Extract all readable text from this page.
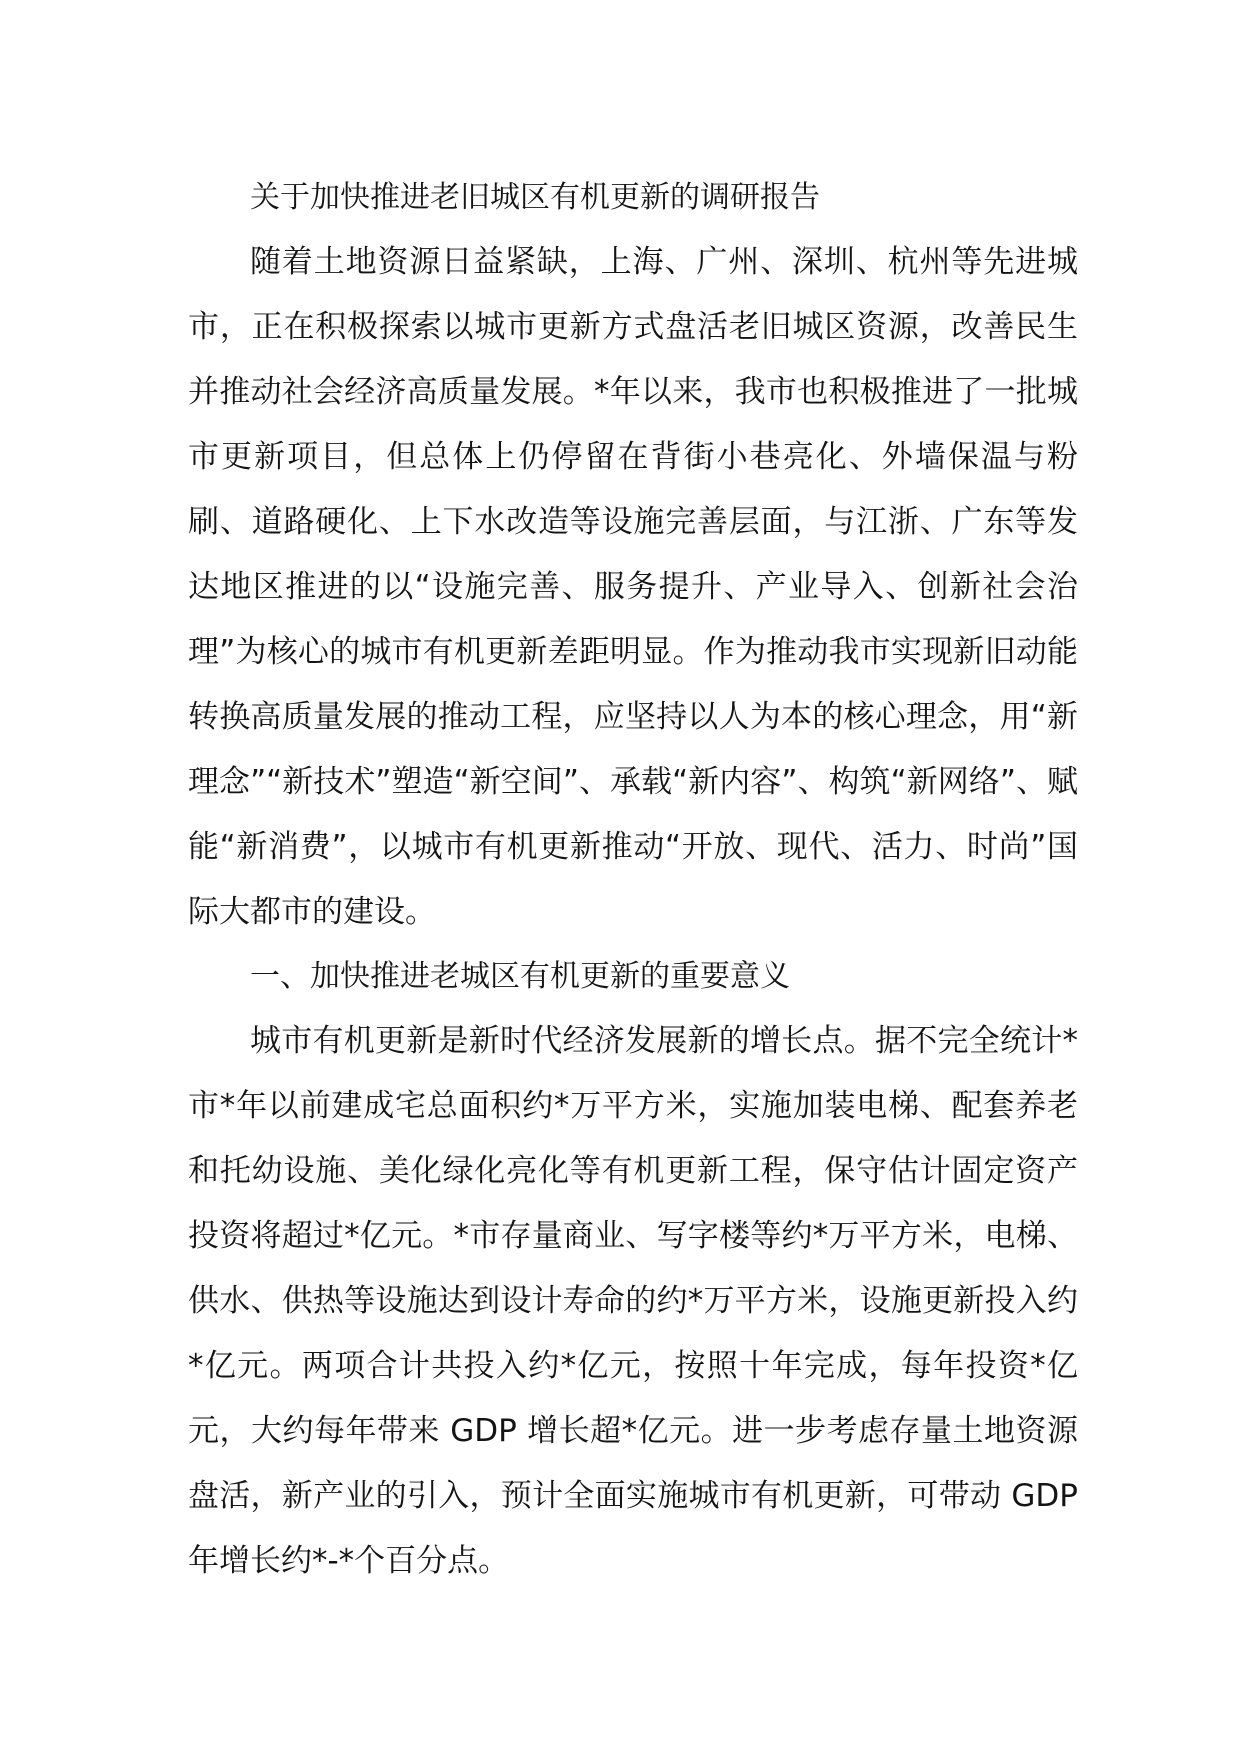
关于加快推进老旧城区有机更新的调研报告

随着土地资源日益紧缺，上海、广州、深圳、杭州等先进城市，正在积极探索以城市更新方式盘活老旧城区资源，改善民生并推动社会经济高质量发展。*年以来，我市也积极推进了一批城市更新项目，但总体上仍停留在背街小巷亮化、外墙保温与粉刷、道路硬化、上下水改造等设施完善层面，与江浙、广东等发达地区推进的以“设施完善、服务提升、产业导入、创新社会治理”为核心的城市有机更新差距明显。作为推动我市实现新旧动能转换高质量发展的推动工程，应坚持以人为本的核心理念，用“新理念”“新技术”塑造“新空间”、承载“新内容”、构筑“新网络”、赋能“新消费”，以城市有机更新推动“开放、现代、活力、时尚”国际大都市的建设。

一、加快推进老城区有机更新的重要意义

城市有机更新是新时代经济发展新的增长点。据不完全统计*市*年以前建成宅总面积约*万平方米，实施加装电梯、配套养老和托幼设施、美化绿化亮化等有机更新工程，保守估计固定资产投资将超过*亿元。*市存量商业、写字楼等约*万平方米，电梯、供水、供热等设施达到设计寿命的约*万平方米，设施更新投入约*亿元。两项合计共投入约*亿元，按照十年完成，每年投资*亿元，大约每年带来 GDP 增长超*亿元。进一步考虑存量土地资源盘活，新产业的引入，预计全面实施城市有机更新，可带动 GDP 年增长约*-*个百分点。
